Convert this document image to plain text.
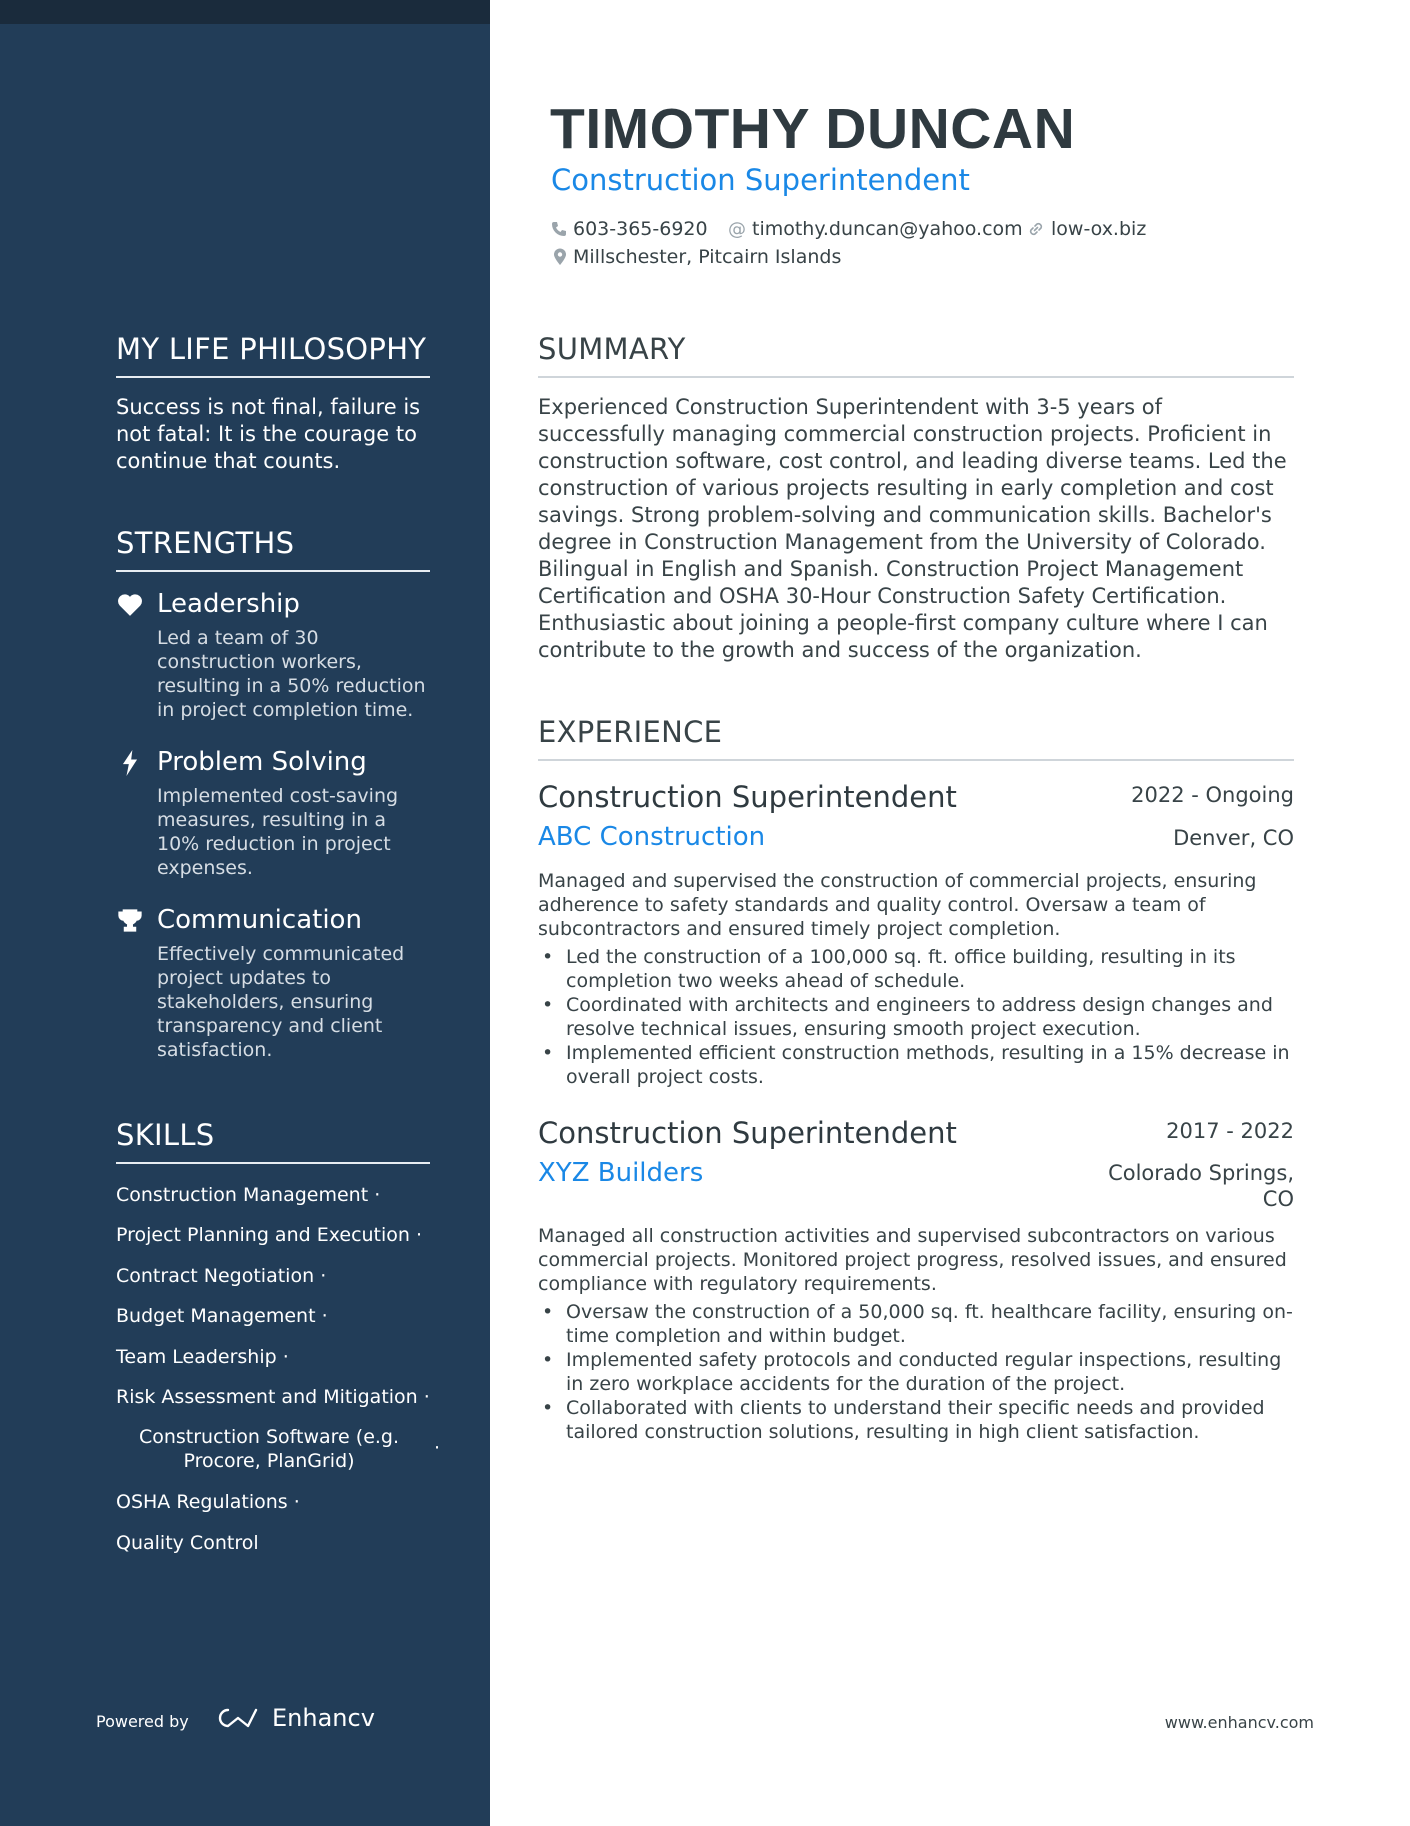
MY LIFE PHILOSOPHY
Success is not final, failure is not fatal: It is the courage to continue that counts.
STRENGTHS
Leadership
Led a team of 30 construction workers, resulting in a 50% reduction in project completion time.
Problem Solving
Implemented cost-saving measures, resulting in a 10% reduction in project expenses.
Communication
Effectively communicated project updates to stakeholders, ensuring transparency and client satisfaction.
SKILLS
Construction Management ·
Project Planning and Execution ·
Contract Negotiation ·
Budget Management ·
Team Leadership ·
Risk Assessment and Mitigation ·
Construction Software (e.g. Procore, PlanGrid)
·
OSHA Regulations ·
Quality Control
Powered by	Enhancv
TIMOTHY DUNCAN
Construction Superintendent
603-365-6920 @ timothy.duncan@yahoo.com low-ox.biz
Millschester, Pitcairn Islands
SUMMARY
Experienced Construction Superintendent with 3-5 years of successfully managing commercial construction projects. Proficient in construction software, cost control, and leading diverse teams. Led the construction of various projects resulting in early completion and cost savings. Strong problem-solving and communication skills. Bachelor's degree in Construction Management from the University of Colorado. Bilingual in English and Spanish. Construction Project Management Certification and OSHA 30-Hour Construction Safety Certification. Enthusiastic about joining a people-first company culture where I can contribute to the growth and success of the organization.
EXPERIENCE
Construction Superintendent	2022 - Ongoing
ABC Construction	Denver, CO
Managed and supervised the construction of commercial projects, ensuring adherence to safety standards and quality control. Oversaw a team of subcontractors and ensured timely project completion.
• Led the construction of a 100,000 sq. ft. office building, resulting in its completion two weeks ahead of schedule.
• Coordinated with architects and engineers to address design changes and resolve technical issues, ensuring smooth project execution.
• Implemented efficient construction methods, resulting in a 15% decrease in overall project costs.
Construction Superintendent	2017 - 2022
XYZ Builders	Colorado Springs,
CO
Managed all construction activities and supervised subcontractors on various commercial projects. Monitored project progress, resolved issues, and ensured compliance with regulatory requirements.
• Oversaw the construction of a 50,000 sq. ft. healthcare facility, ensuring on-time completion and within budget.
• Implemented safety protocols and conducted regular inspections, resulting in zero workplace accidents for the duration of the project.
• Collaborated with clients to understand their specific needs and provided tailored construction solutions, resulting in high client satisfaction.
www.enhancv.com
